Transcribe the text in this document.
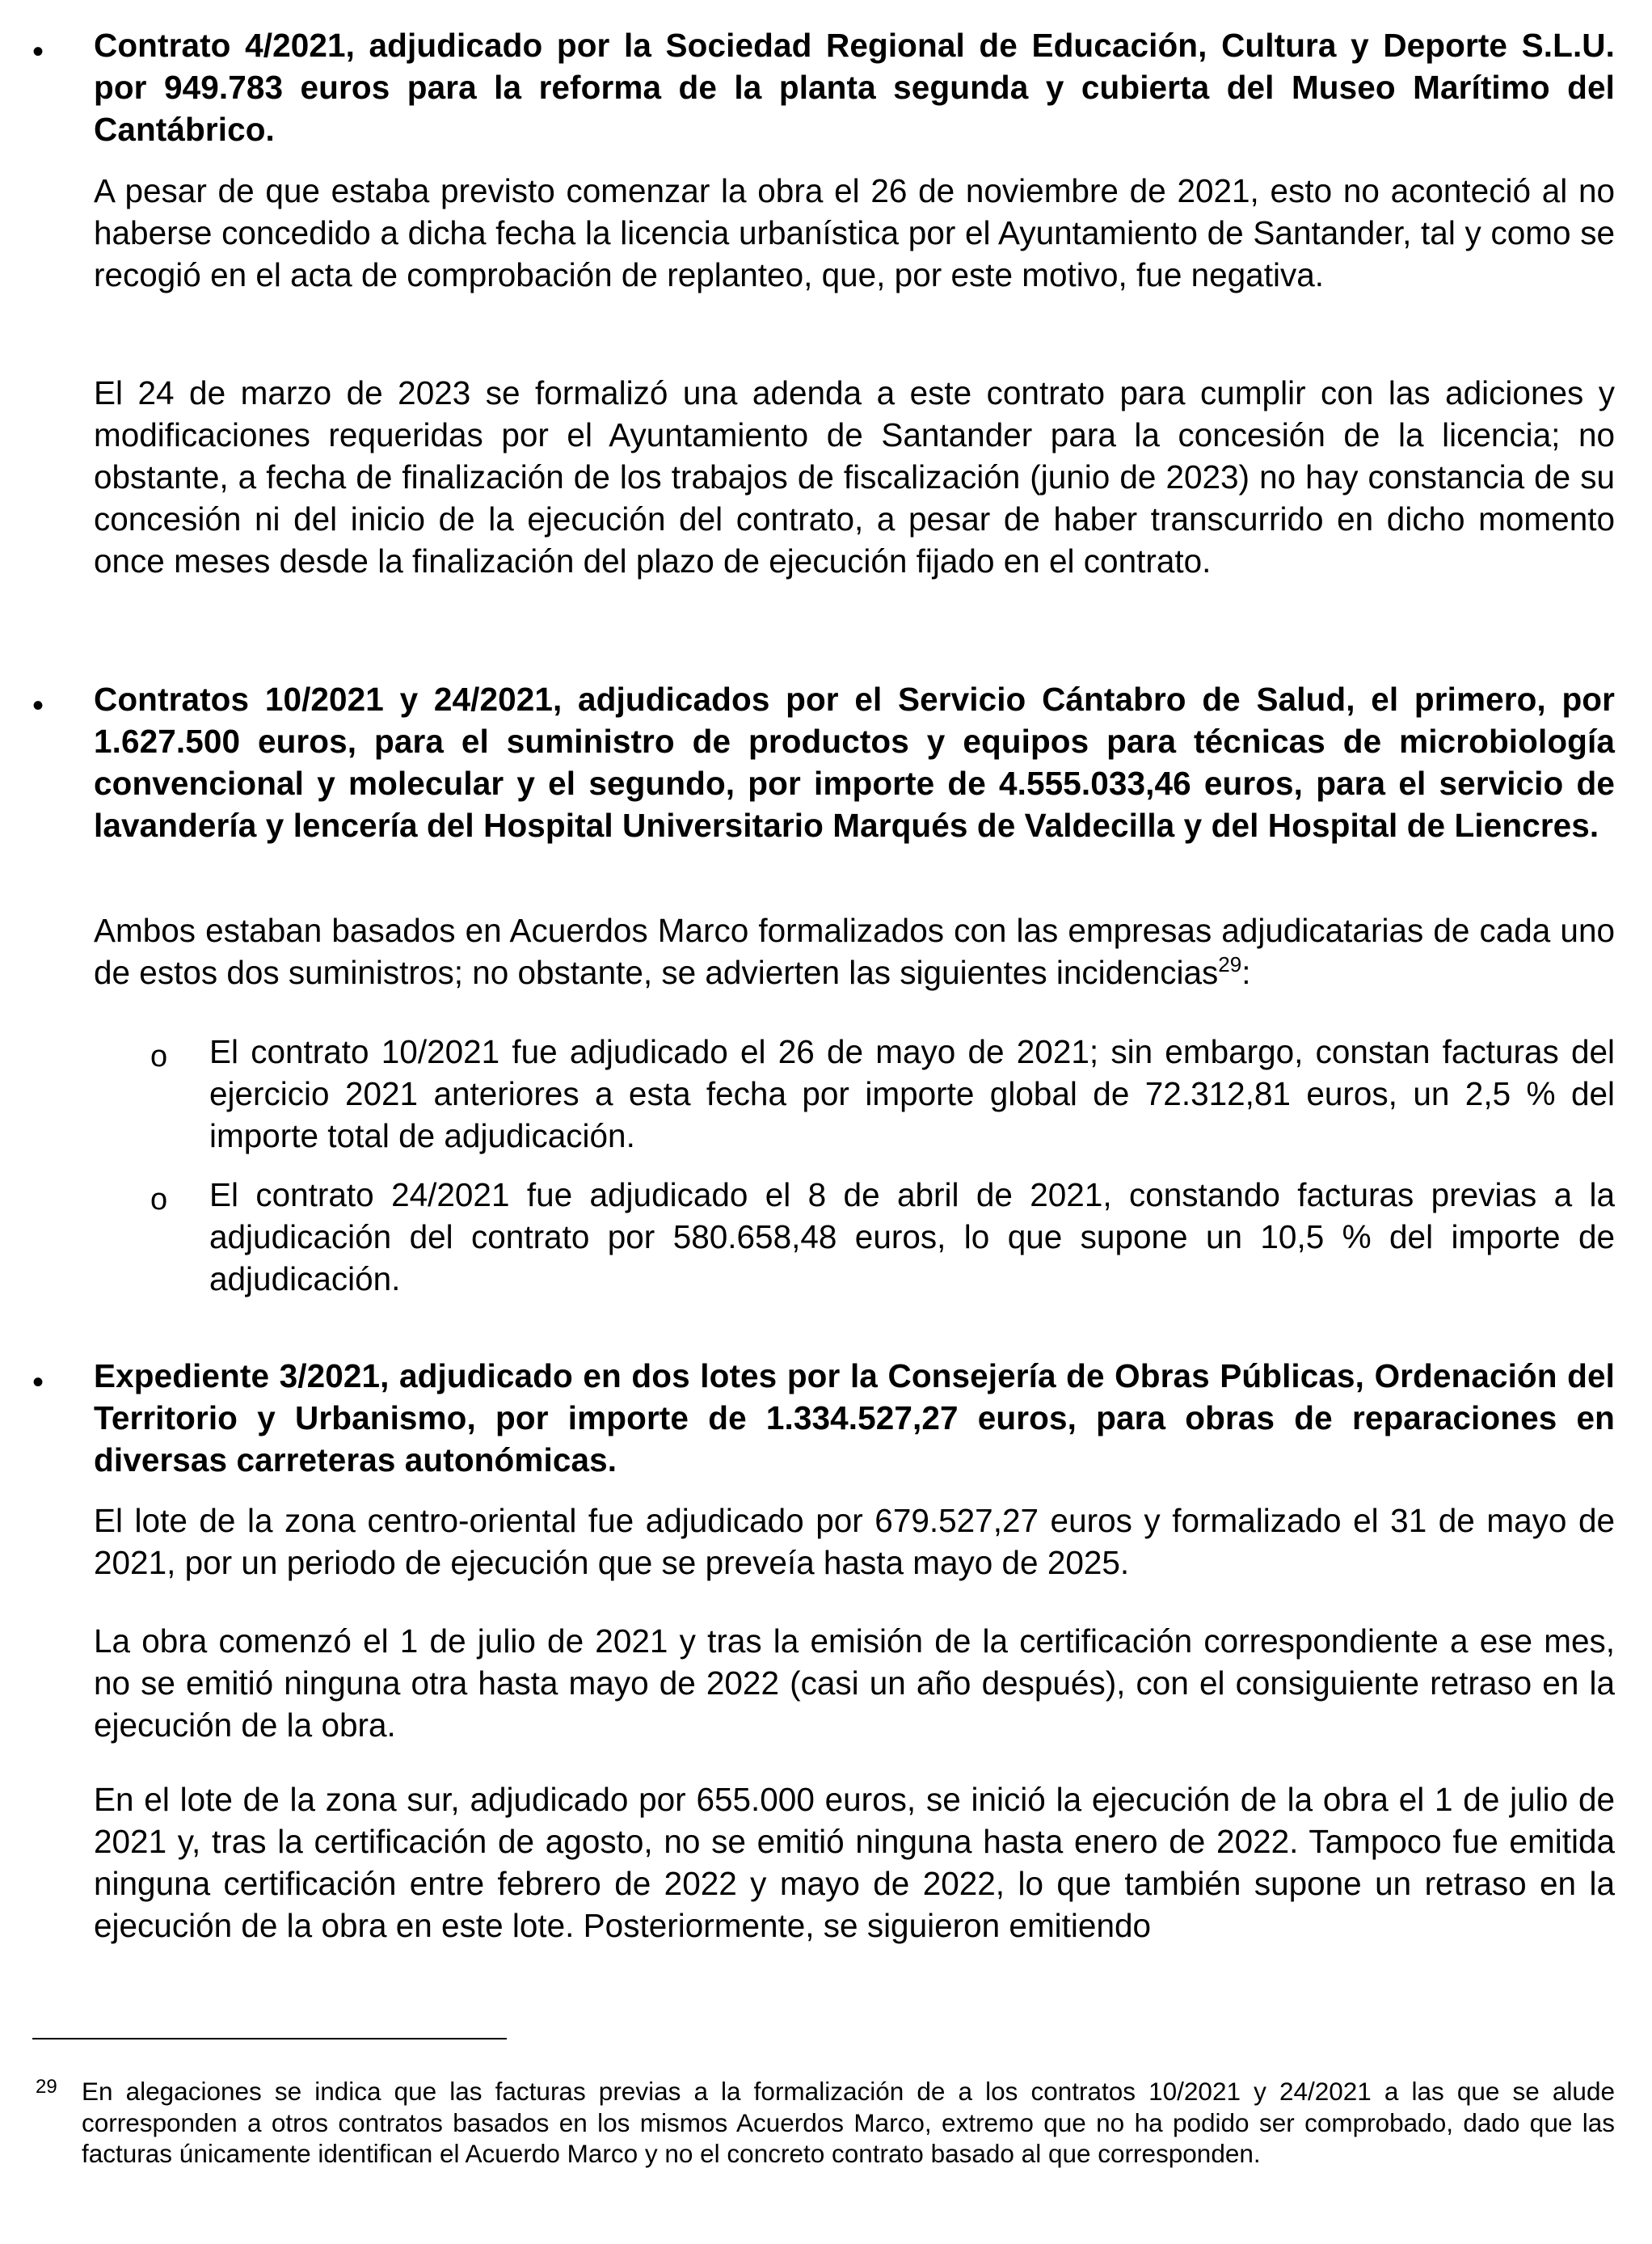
• Contrato 4/2021, adjudicado por la Sociedad Regional de Educación, Cultura y Deporte S.L.U. por 949.783 euros para la reforma de la planta segunda y cubierta del Museo Marítimo del Cantábrico.

A pesar de que estaba previsto comenzar la obra el 26 de noviembre de 2021, esto no aconteció al no haberse concedido a dicha fecha la licencia urbanística por el Ayuntamiento de Santander, tal y como se recogió en el acta de comprobación de replanteo, que, por este motivo, fue negativa.

El 24 de marzo de 2023 se formalizó una adenda a este contrato para cumplir con las adiciones y modificaciones requeridas por el Ayuntamiento de Santander para la concesión de la licencia; no obstante, a fecha de finalización de los trabajos de fiscalización (junio de 2023) no hay constancia de su concesión ni del inicio de la ejecución del contrato, a pesar de haber transcurrido en dicho momento once meses desde la finalización del plazo de ejecución fijado en el contrato.

• Contratos 10/2021 y 24/2021, adjudicados por el Servicio Cántabro de Salud, el primero, por 1.627.500 euros, para el suministro de productos y equipos para técnicas de microbiología convencional y molecular y el segundo, por importe de 4.555.033,46 euros, para el servicio de lavandería y lencería del Hospital Universitario Marqués de Valdecilla y del Hospital de Liencres.

Ambos estaban basados en Acuerdos Marco formalizados con las empresas adjudicatarias de cada uno de estos dos suministros; no obstante, se advierten las siguientes incidencias$^{29}$:

o El contrato 10/2021 fue adjudicado el 26 de mayo de 2021; sin embargo, constan facturas del ejercicio 2021 anteriores a esta fecha por importe global de 72.312,81 euros, un 2,5 % del importe total de adjudicación.

o El contrato 24/2021 fue adjudicado el 8 de abril de 2021, constando facturas previas a la adjudicación del contrato por 580.658,48 euros, lo que supone un 10,5 % del importe de adjudicación.

• Expediente 3/2021, adjudicado en dos lotes por la Consejería de Obras Públicas, Ordenación del Territorio y Urbanismo, por importe de 1.334.527,27 euros, para obras de reparaciones en diversas carreteras autonómicas.

El lote de la zona centro-oriental fue adjudicado por 679.527,27 euros y formalizado el 31 de mayo de 2021, por un periodo de ejecución que se preveía hasta mayo de 2025.

La obra comenzó el 1 de julio de 2021 y tras la emisión de la certificación correspondiente a ese mes, no se emitió ninguna otra hasta mayo de 2022 (casi un año después), con el consiguiente retraso en la ejecución de la obra.

En el lote de la zona sur, adjudicado por 655.000 euros, se inició la ejecución de la obra el 1 de julio de 2021 y, tras la certificación de agosto, no se emitió ninguna hasta enero de 2022. Tampoco fue emitida ninguna certificación entre febrero de 2022 y mayo de 2022, lo que también supone un retraso en la ejecución de la obra en este lote. Posteriormente, se siguieron emitiendo

29 En alegaciones se indica que las facturas previas a la formalización de a los contratos 10/2021 y 24/2021 a las que se alude corresponden a otros contratos basados en los mismos Acuerdos Marco, extremo que no ha podido ser comprobado, dado que las facturas únicamente identifican el Acuerdo Marco y no el concreto contrato basado al que corresponden.
